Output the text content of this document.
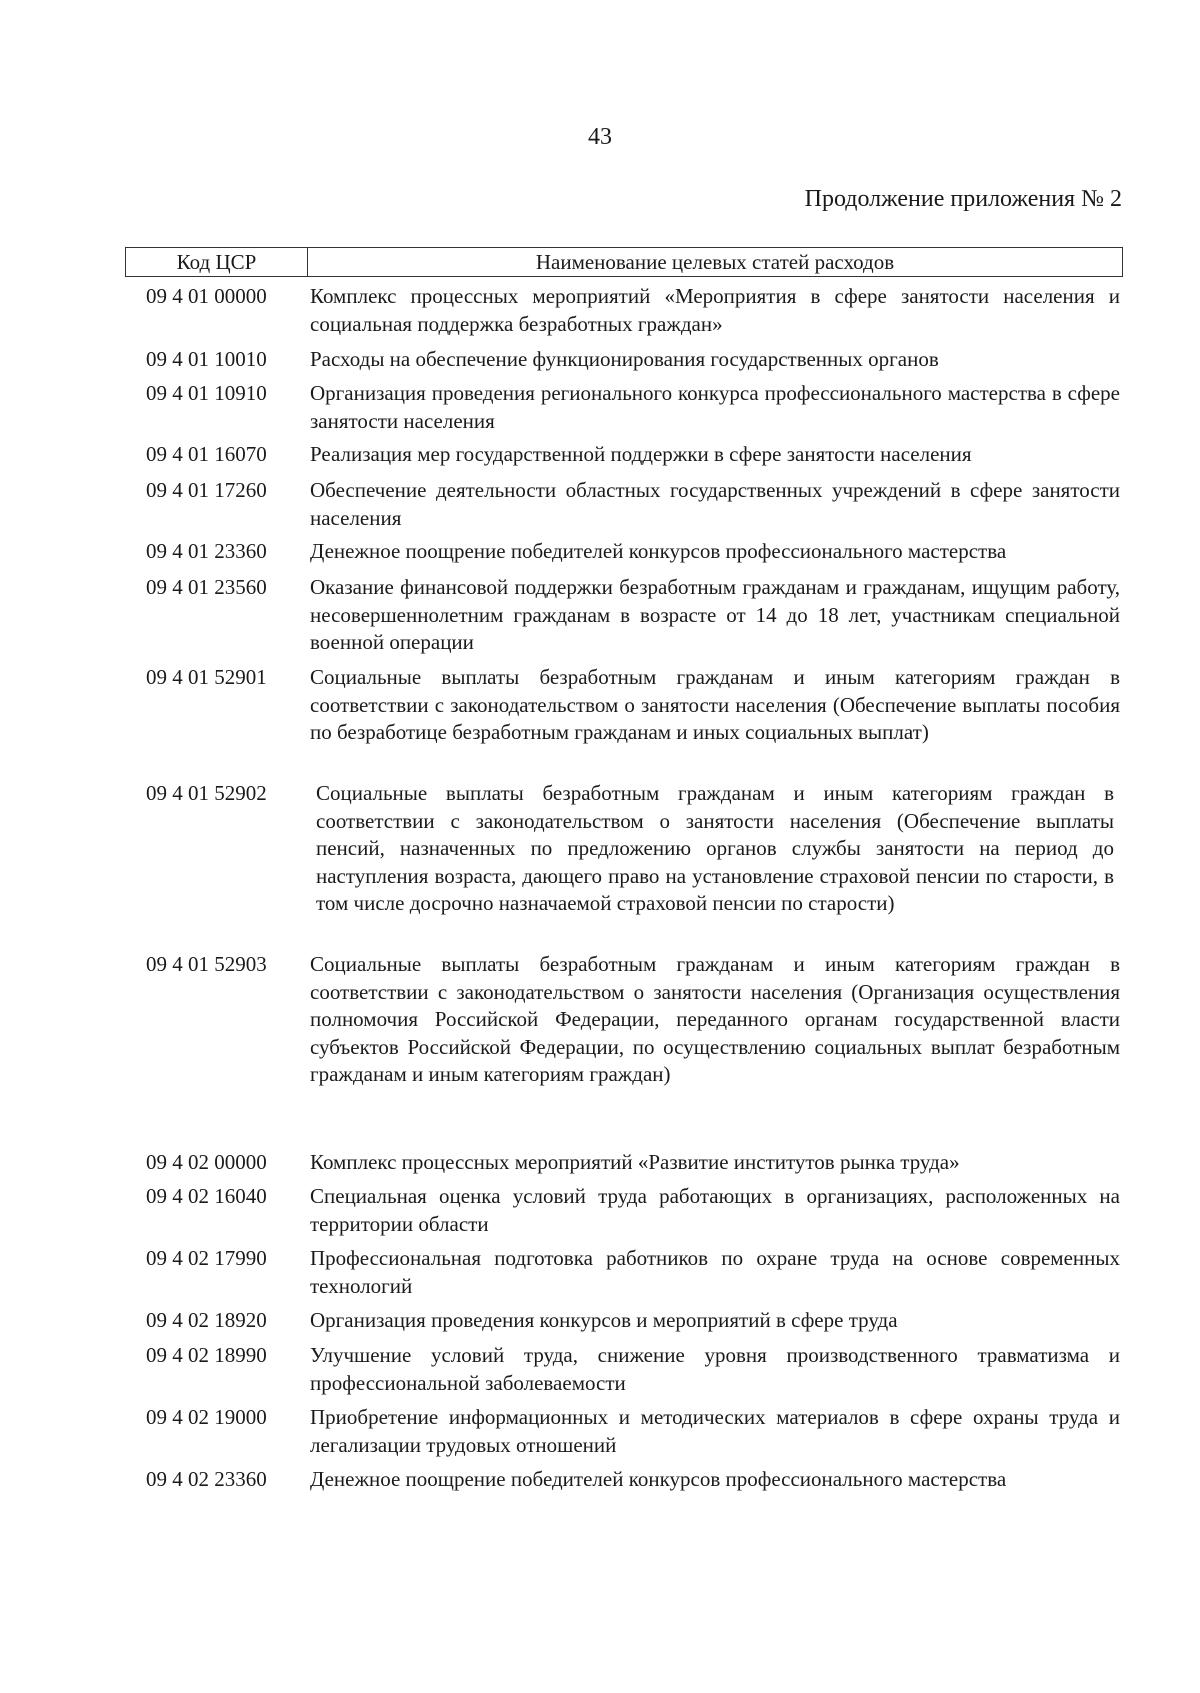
43
Продолжение приложения № 2
Код ЦСР	Наименование целевых статей расходов
09 4 01 00000 Комплекс процессных мероприятий «Мероприятия в сфере занятости населения и социальная поддержка безработных граждан»
09 4 01 10010 Расходы на обеспечение функционирования государственных органов
09 4 01 10910 Организация проведения регионального конкурса профессионального мастерства в сфере занятости населения
09 4 01 16070 Реализация мер государственной поддержки в сфере занятости населения
09 4 01 17260 Обеспечение деятельности областных государственных учреждений в сфере занятости населения
09 4 01 23360 Денежное поощрение победителей конкурсов профессионального мастерства
09 4 01 23560 Оказание финансовой поддержки безработным гражданам и гражданам, ищущим работу, несовершеннолетним гражданам в возрасте от 14 до 18 лет, участникам специальной военной операции
09 4 01 52901 Социальные выплаты безработным гражданам и иным категориям граждан в соответствии с законодательством о занятости населения (Обеспечение выплаты пособия по безработице безработным гражданам и иных социальных выплат)
09 4 01 52902 Социальные выплаты безработным гражданам и иным категориям граждан в соответствии с законодательством о занятости населения (Обеспечение выплаты пенсий, назначенных по предложению органов службы занятости на период до наступления возраста, дающего право на установление страховой пенсии по старости, в том числе досрочно назначаемой страховой пенсии по старости)
09 4 01 52903 Социальные выплаты безработным гражданам и иным категориям граждан в соответствии с законодательством о занятости населения (Организация осуществления полномочия Российской Федерации, переданного органам государственной власти субъектов Российской Федерации, по осуществлению социальных выплат безработным гражданам и иным категориям граждан)
09 4 02 00000 Комплекс процессных мероприятий «Развитие институтов рынка труда»
09 4 02 16040 Специальная оценка условий труда работающих в организациях, расположенных на территории области
09 4 02 17990 Профессиональная подготовка работников по охране труда на основе современных технологий
09 4 02 18920 Организация проведения конкурсов и мероприятий в сфере труда
09 4 02 18990 Улучшение условий труда, снижение уровня производственного травматизма и профессиональной заболеваемости
09 4 02 19000 Приобретение информационных и методических материалов в сфере охраны труда и легализации трудовых отношений
09 4 02 23360 Денежное поощрение победителей конкурсов профессионального мастерства
